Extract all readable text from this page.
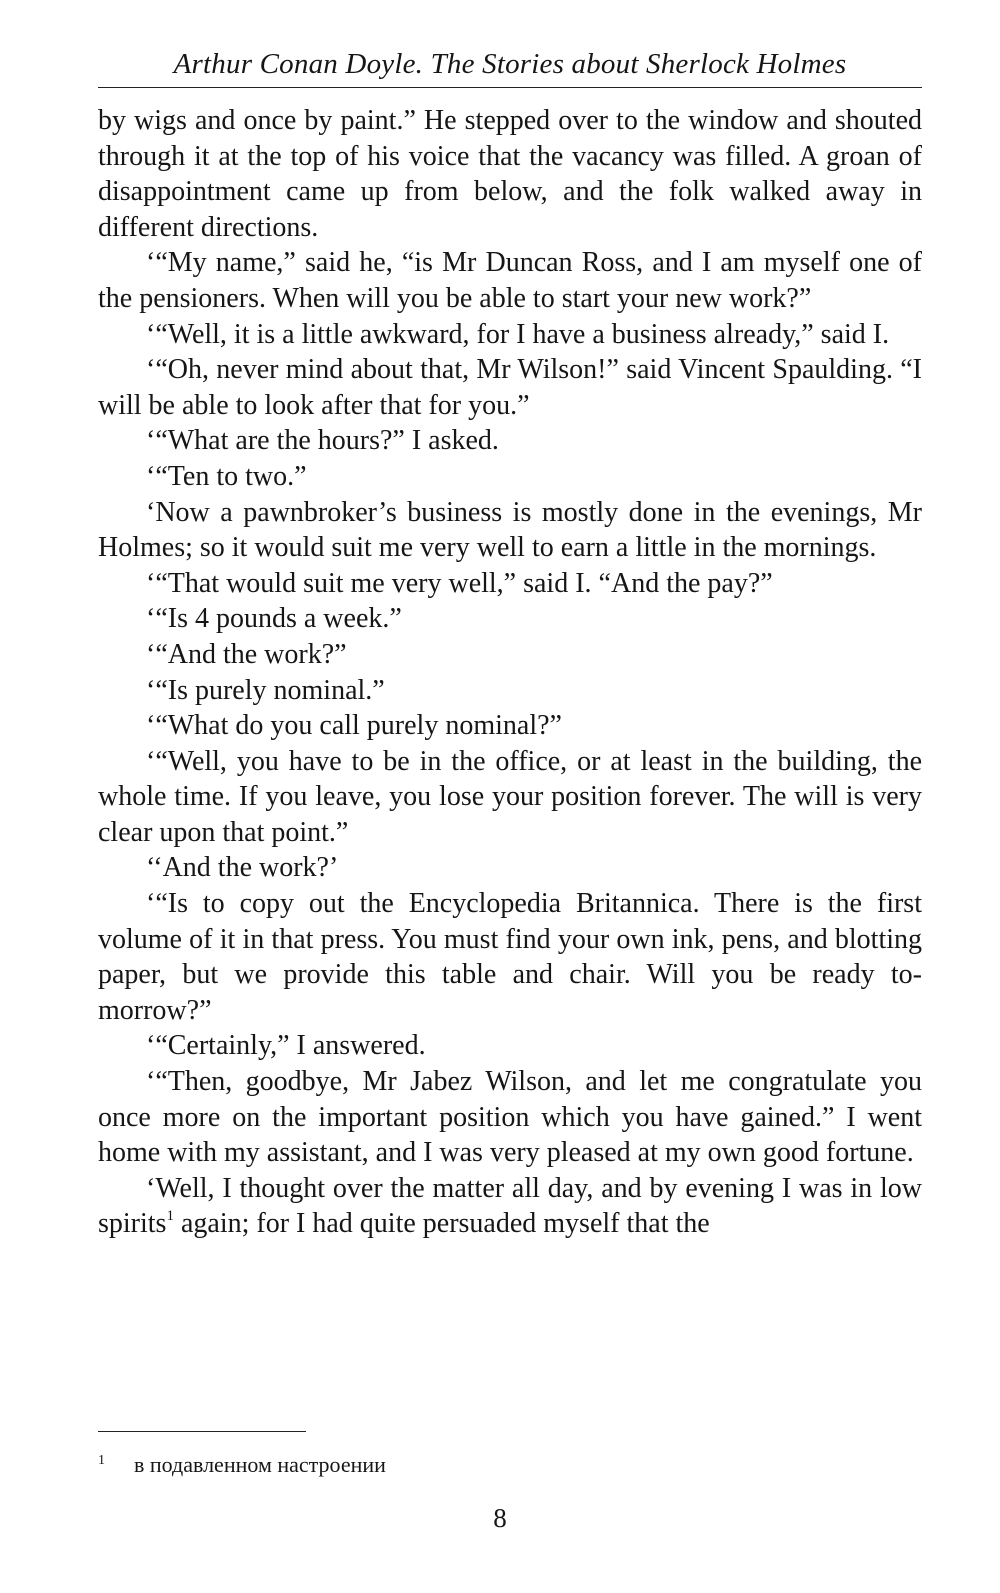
Arthur Conan Doyle. The Stories about Sherlock Holmes

by wigs and once by paint.” He stepped over to the window and shouted through it at the top of his voice that the vacancy was filled. A groan of disappointment came up from below, and the folk walked away in different directions.

‘“My name,” said he, “is Mr Duncan Ross, and I am myself one of the pensioners. When will you be able to start your new work?”

‘“Well, it is a little awkward, for I have a business already,” said I.

‘“Oh, never mind about that, Mr Wilson!” said Vincent Spaulding. “I will be able to look after that for you.”

‘“What are the hours?” I asked.

‘“Ten to two.”

‘Now a pawnbroker’s business is mostly done in the evenings, Mr Holmes; so it would suit me very well to earn a little in the mornings.

‘“That would suit me very well,” said I. “And the pay?”

‘“Is 4 pounds a week.”

‘“And the work?”

‘“Is purely nominal.”

‘“What do you call purely nominal?”

‘“Well, you have to be in the office, or at least in the building, the whole time. If you leave, you lose your position forever. The will is very clear upon that point.”

‘‘And the work?’

‘“Is to copy out the Encyclopedia Britannica. There is the first volume of it in that press. You must find your own ink, pens, and blotting paper, but we provide this table and chair. Will you be ready to-morrow?”

‘“Certainly,” I answered.

‘“Then, goodbye, Mr Jabez Wilson, and let me congratulate you once more on the important position which you have gained.” I went home with my assistant, and I was very pleased at my own good fortune.

‘Well, I thought over the matter all day, and by evening I was in low spirits$^1$ again; for I had quite persuaded myself that the

1 в подавленном настроении
8
